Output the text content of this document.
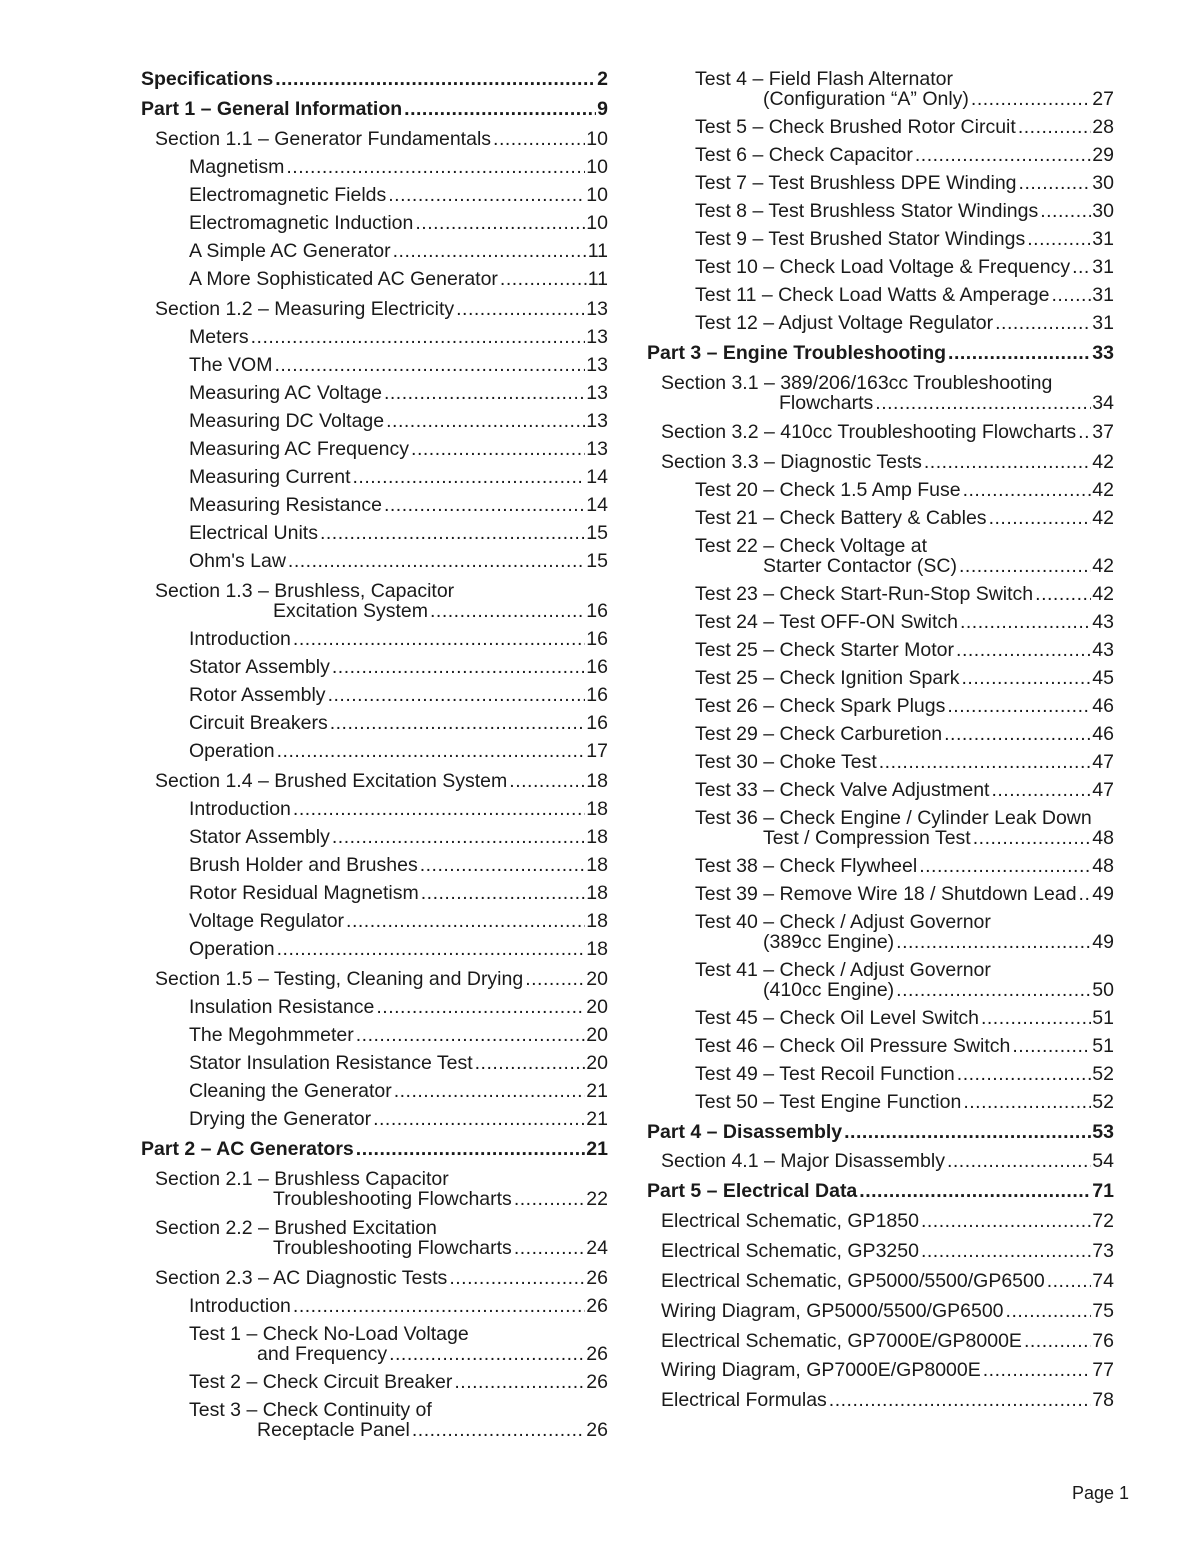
Specifications .....	2
Part 1 – General Information .....	9
Section 1.1 – Generator Fundamentals .....	10
Magnetism .....	10
Electromagnetic Fields .....	10
Electromagnetic Induction .....	10
A Simple AC Generator .....	11
A More Sophisticated AC Generator .....	11
Section 1.2 – Measuring Electricity .....	13
Meters .....	13
The VOM .....	13
Measuring AC Voltage .....	13
Measuring DC Voltage .....	13
Measuring AC Frequency .....	13
Measuring Current .....	14
Measuring Resistance .....	14
Electrical Units .....	15
Ohm's Law .....	15
Section 1.3 – Brushless, Capacitor
Excitation System .....	16
Introduction .....	16
Stator Assembly .....	16
Rotor Assembly .....	16
Circuit Breakers .....	16
Operation .....	17
Section 1.4 – Brushed Excitation System .....	18
Introduction .....	18
Stator Assembly .....	18
Brush Holder and Brushes .....	18
Rotor Residual Magnetism .....	18
Voltage Regulator .....	18
Operation .....	18
Section 1.5 – Testing, Cleaning and Drying .....	20
Insulation Resistance .....	20
The Megohmmeter .....	20
Stator Insulation Resistance Test .....	20
Cleaning the Generator .....	21
Drying the Generator .....	21
Part 2 – AC Generators .....	21
Section 2.1 – Brushless Capacitor
Troubleshooting Flowcharts .....	22
Section 2.2 – Brushed Excitation
Troubleshooting Flowcharts .....	24
Section 2.3 – AC Diagnostic Tests .....	26
Introduction .....	26
Test 1 – Check No-Load Voltage
and Frequency .....	26
Test 2 – Check Circuit Breaker .....	26
Test 3 – Check Continuity of
Receptacle Panel .....	26
Test 4 – Field Flash Alternator
(Configuration “A” Only) .....	27
Test 5 – Check Brushed Rotor Circuit .....	28
Test 6 – Check Capacitor .....	29
Test 7 – Test Brushless DPE Winding .....	30
Test 8 – Test Brushless Stator Windings .....	30
Test 9 – Test Brushed Stator Windings .....	31
Test 10 – Check Load Voltage & Frequency ..... 31
Test 11 – Check Load Watts & Amperage ..... 31
Test 12 – Adjust Voltage Regulator .....	31
Part 3 – Engine Troubleshooting .....	33
Section 3.1 – 389/206/163cc Troubleshooting
Flowcharts .....	34
Section 3.2 – 410cc Troubleshooting Flowcharts ..... 37
Section 3.3 – Diagnostic Tests .....	42
Test 20 – Check 1.5 Amp Fuse .....	42
Test 21 – Check Battery & Cables .....	42
Test 22 – Check Voltage at
Starter Contactor (SC) .....	42
Test 23 – Check Start-Run-Stop Switch .....	42
Test 24 – Test OFF-ON Switch .....	43
Test 25 – Check Starter Motor .....	43
Test 25 – Check Ignition Spark .....	45
Test 26 – Check Spark Plugs .....	46
Test 29 – Check Carburetion .....	46
Test 30 – Choke Test .....	47
Test 33 – Check Valve Adjustment .....	47
Test 36 – Check Engine / Cylinder Leak Down
Test / Compression Test .....	48
Test 38 – Check Flywheel .....	48
Test 39 – Remove Wire 18 / Shutdown Lead ..... 49
Test 40 – Check / Adjust Governor
(389cc Engine) .....	49
Test 41 – Check / Adjust Governor
(410cc Engine) .....	50
Test 45 – Check Oil Level Switch .....	51
Test 46 – Check Oil Pressure Switch .....	51
Test 49 – Test Recoil Function .....	52
Test 50 – Test Engine Function .....	52
Part 4 – Disassembly .....	53
Section 4.1 – Major Disassembly .....	54
Part 5 – Electrical Data .....	71
Electrical Schematic, GP1850 .....	72
Electrical Schematic, GP3250 .....	73
Electrical Schematic, GP5000/5500/GP6500 ..... 74
Wiring Diagram, GP5000/5500/GP6500 .....	75
Electrical Schematic, GP7000E/GP8000E .....	76
Wiring Diagram, GP7000E/GP8000E .....	77
Electrical Formulas .....	78
Page 1
